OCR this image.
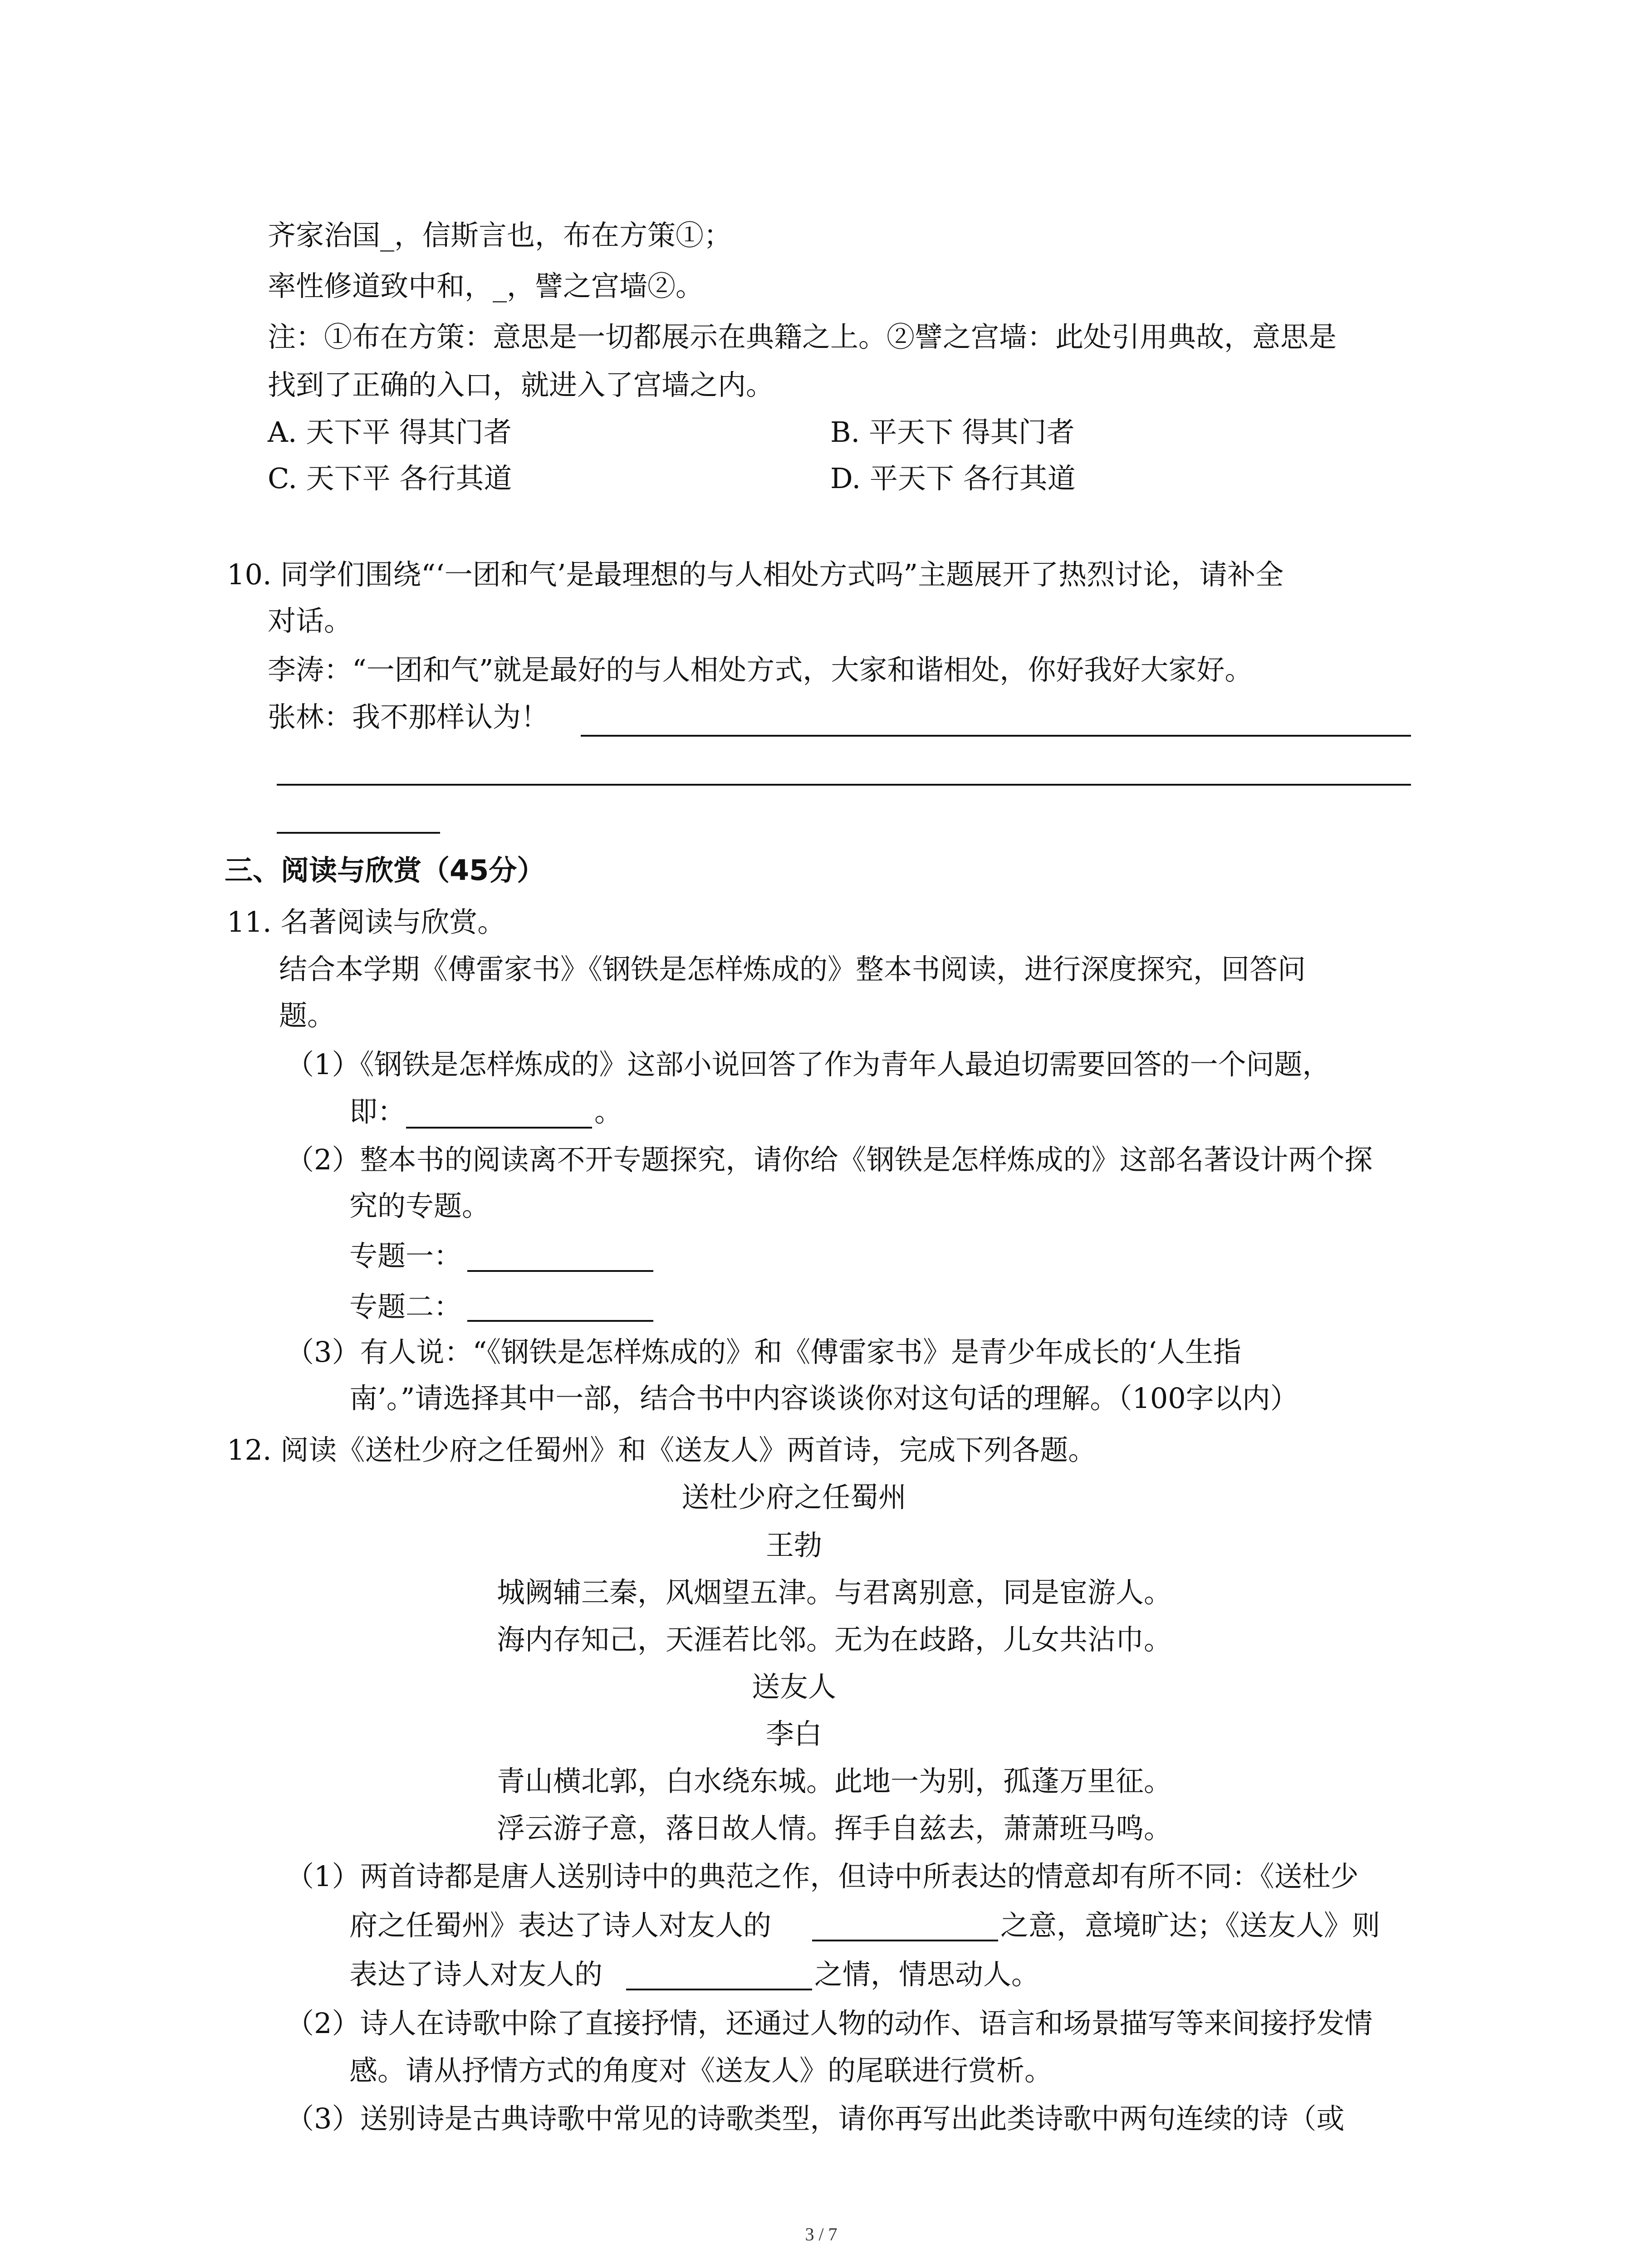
齐家治国_，信斯言也，布在方策①；
率性修道致中和，_，譬之宫墙②。
注：①布在方策：意思是一切都展示在典籍之上。②譬之宫墙：此处引用典故，意思是
找到了正确的入口，就进入了宫墙之内。
A. 天下平 得其门者	B. 平天下 得其门者
C. 天下平 各行其道	D. 平天下 各行其道
10. 同学们围绕“‘一团和气’是最理想的与人相处方式吗”主题展开了热烈讨论，请补全
对话。
李涛：“一团和气”就是最好的与人相处方式，大家和谐相处，你好我好大家好。
张林：我不那样认为！
三、阅读与欣赏（45分）
11. 名著阅读与欣赏。
结合本学期《傅雷家书》《钢铁是怎样炼成的》整本书阅读，进行深度探究，回答问
题。
（1）《钢铁是怎样炼成的》这部小说回答了作为青年人最迫切需要回答的一个问题，
即：	。
（2）整本书的阅读离不开专题探究，请你给《钢铁是怎样炼成的》这部名著设计两个探
究的专题。
专题一：
专题二：
（3）有人说：“《钢铁是怎样炼成的》和《傅雷家书》是青少年成长的‘人生指
南’。”请选择其中一部，结合书中内容谈谈你对这句话的理解。（100字以内）
12. 阅读《送杜少府之任蜀州》和《送友人》两首诗，完成下列各题。
送杜少府之任蜀州
王勃
城阙辅三秦，风烟望五津。与君离别意，同是宦游人。
海内存知己，天涯若比邻。无为在歧路，儿女共沾巾。
送友人
李白
青山横北郭，白水绕东城。此地一为别，孤蓬万里征。
浮云游子意，落日故人情。挥手自兹去，萧萧班马鸣。
（1）两首诗都是唐人送别诗中的典范之作，但诗中所表达的情意却有所不同：《送杜少
府之任蜀州》表达了诗人对友人的	之意，意境旷达；《送友人》则
表达了诗人对友人的	之情，情思动人。
（2）诗人在诗歌中除了直接抒情，还通过人物的动作、语言和场景描写等来间接抒发情
感。请从抒情方式的角度对《送友人》的尾联进行赏析。
（3）送别诗是古典诗歌中常见的诗歌类型，请你再写出此类诗歌中两句连续的诗（或
3 / 7
